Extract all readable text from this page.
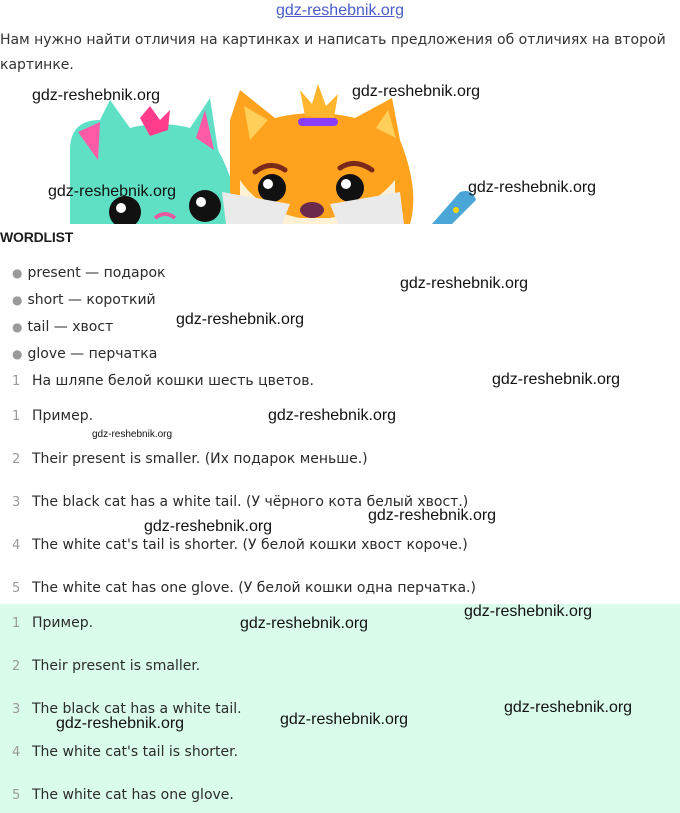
gdz-reshebnik.org
Нам нужно найти отличия на картинках и написать предложения об отличиях на второй картинке.
WORDLIST
● present — подарок
● short — короткий
● tail — хвост
● glove — перчатка
1 На шляпе белой кошки шесть цветов.
1 Пример.
2 Their present is smaller. (Их подарок меньше.)
3 The black cat has a white tail. (У чёрного кота белый хвост.)
4 The white cat's tail is shorter. (У белой кошки хвост короче.)
5 The white cat has one glove. (У белой кошки одна перчатка.)
1 Пример.
2 Their present is smaller.
3 The black cat has a white tail.
4 The white cat's tail is shorter.
5 The white cat has one glove.
gdz-reshebnik.org	gdz-reshebnik.org
gdz-reshebnik.org	gdz-reshebnik.org
gdz-reshebnik.org
gdz-reshebnik.org
gdz-reshebnik.org
gdz-reshebnik.org
gdz-reshebnik.org
gdz-reshebnik.org
gdz-reshebnik.org
gdz-reshebnik.org
gdz-reshebnik.org
gdz-reshebnik.org
gdz-reshebnik.org
gdz-reshebnik.org
